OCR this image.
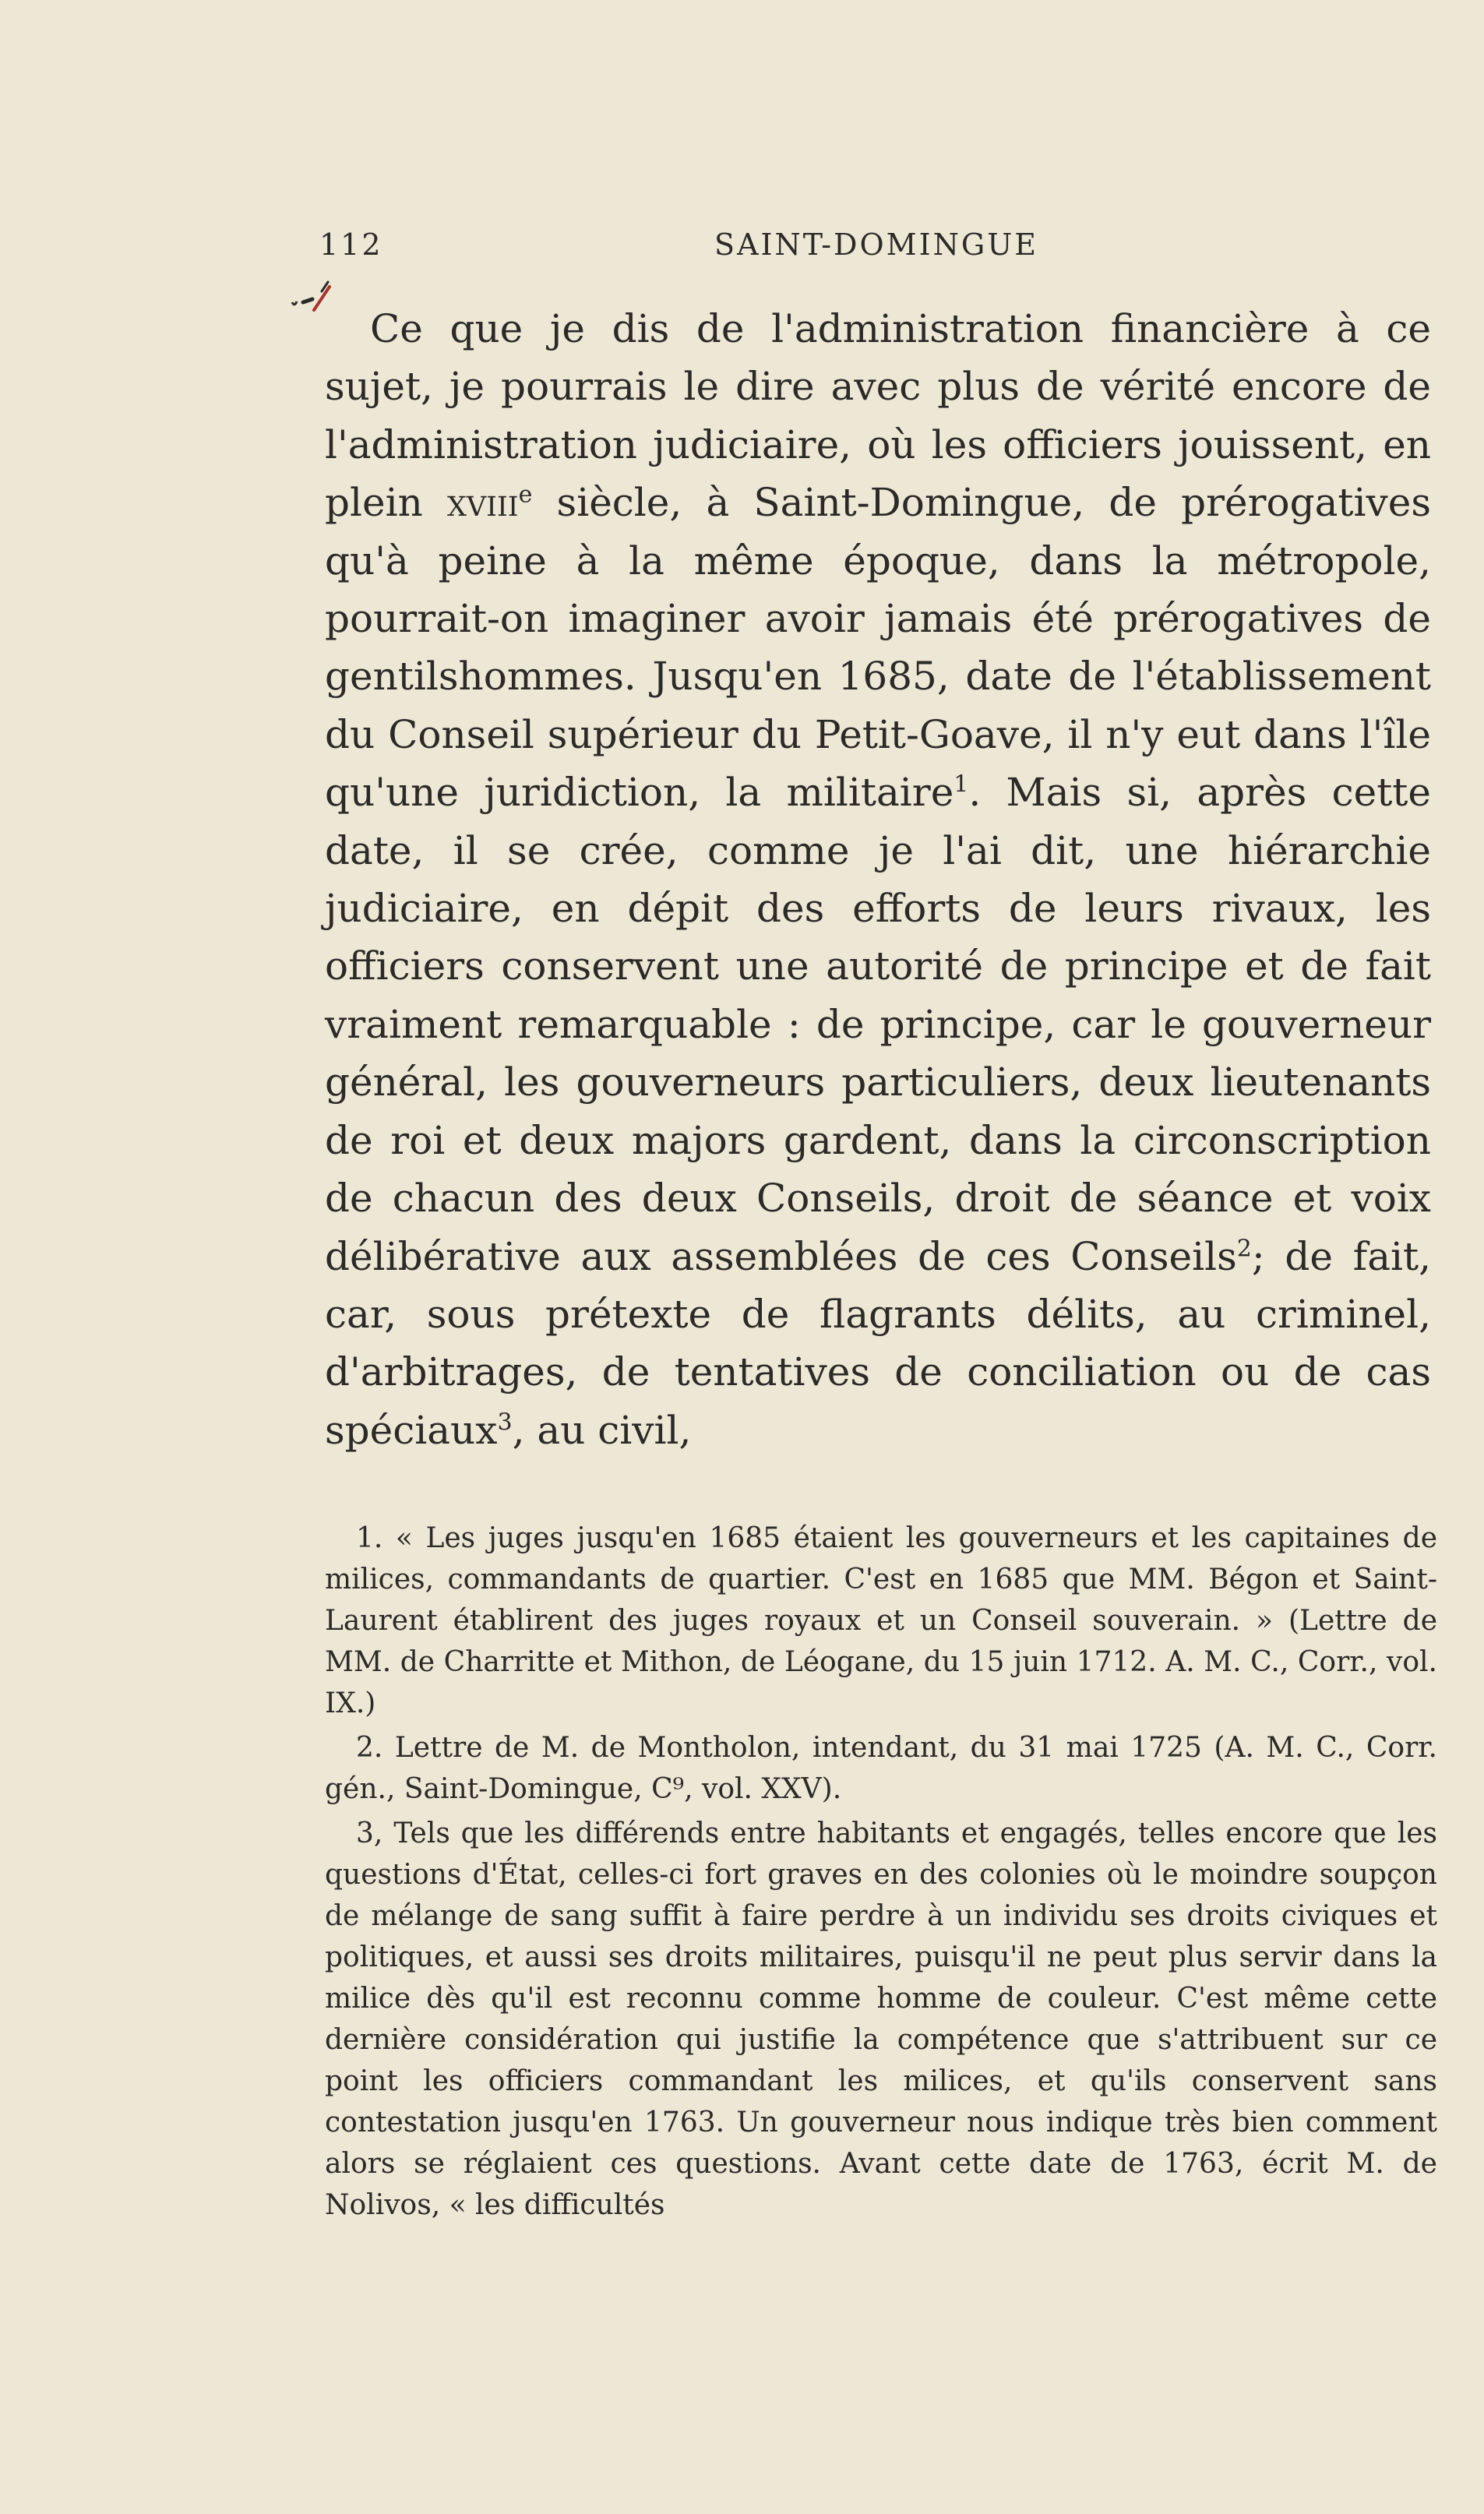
112	SAINT-DOMINGUE

Ce que je dis de l'administration financière à ce sujet, je pourrais le dire avec plus de vérité encore de l'administration judiciaire, où les officiers jouissent, en plein xviii$^e$ siècle, à Saint-Domingue, de prérogatives qu'à peine à la même époque, dans la métropole, pourrait-on imaginer avoir jamais été prérogatives de gentilshommes. Jusqu'en 1685, date de l'établissement du Conseil supérieur du Petit-Goave, il n'y eut dans l'île qu'une juridiction, la militaire$^1$. Mais si, après cette date, il se crée, comme je l'ai dit, une hiérarchie judiciaire, en dépit des efforts de leurs rivaux, les officiers conservent une autorité de principe et de fait vraiment remarquable : de principe, car le gouverneur général, les gouverneurs particuliers, deux lieutenants de roi et deux majors gardent, dans la circonscription de chacun des deux Conseils, droit de séance et voix délibérative aux assemblées de ces Conseils$^2$; de fait, car, sous prétexte de flagrants délits, au criminel, d'arbitrages, de tentatives de conciliation ou de cas spéciaux$^3$, au civil,

1. « Les juges jusqu'en 1685 étaient les gouverneurs et les capitaines de milices, commandants de quartier. C'est en 1685 que MM. Bégon et Saint-Laurent établirent des juges royaux et un Conseil souverain. » (Lettre de MM. de Charritte et Mithon, de Léogane, du 15 juin 1712. A. M. C., Corr., vol. IX.)

2. Lettre de M. de Montholon, intendant, du 31 mai 1725 (A. M. C., Corr. gén., Saint-Domingue, C⁹, vol. XXV).

3, Tels que les différends entre habitants et engagés, telles encore que les questions d'État, celles-ci fort graves en des colonies où le moindre soupçon de mélange de sang suffit à faire perdre à un individu ses droits civiques et politiques, et aussi ses droits militaires, puisqu'il ne peut plus servir dans la milice dès qu'il est reconnu comme homme de couleur. C'est même cette dernière considération qui justifie la compétence que s'attribuent sur ce point les officiers commandant les milices, et qu'ils conservent sans contestation jusqu'en 1763. Un gouverneur nous indique très bien comment alors se réglaient ces questions. Avant cette date de 1763, écrit M. de Nolivos, « les difficultés
